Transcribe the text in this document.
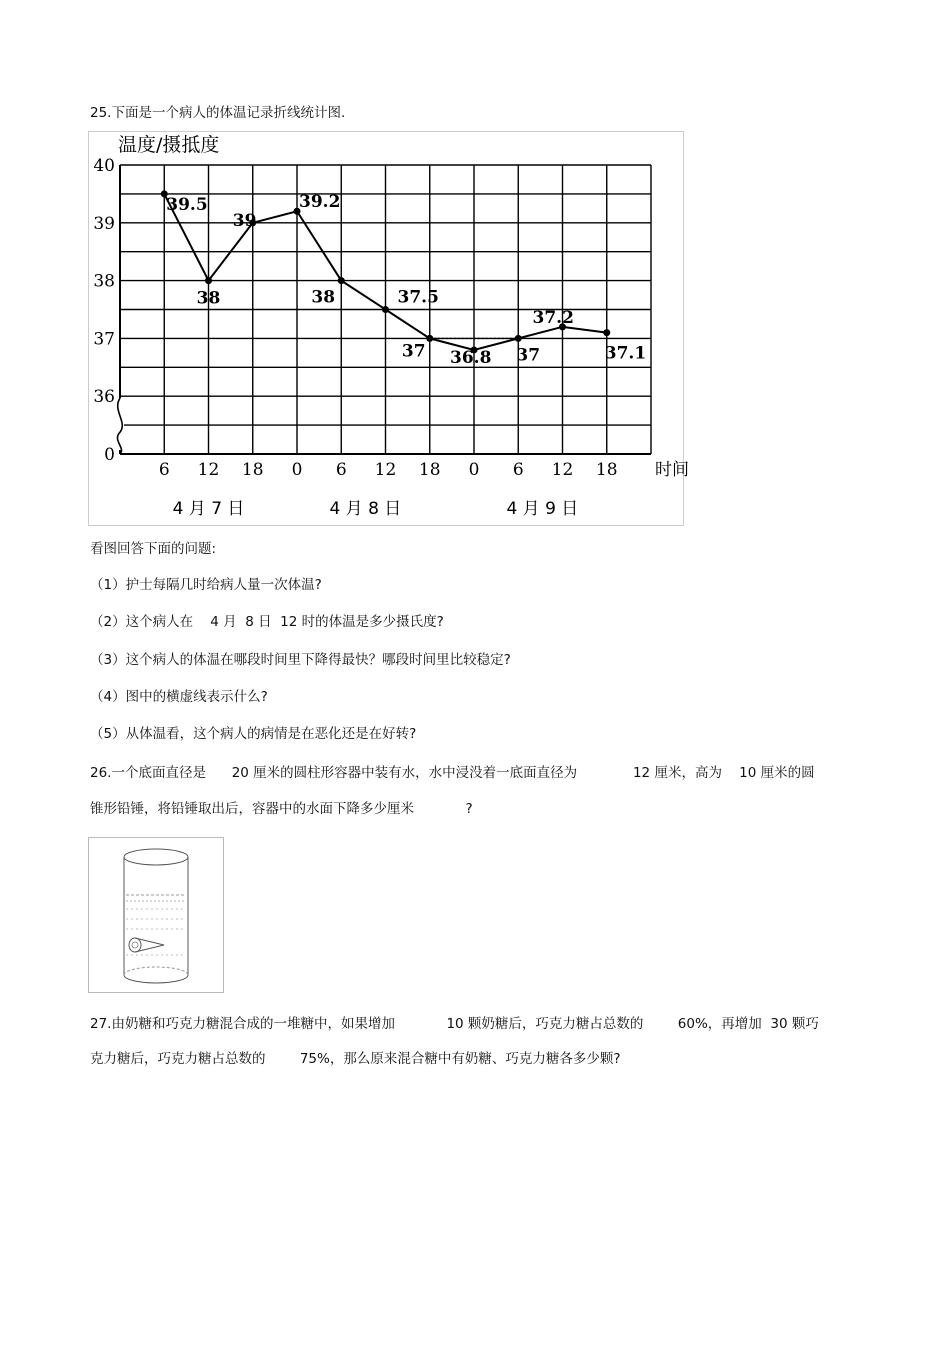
25.下面是一个病人的体温记录折线统计图.
温度/摄抵度
40
39
38
37
36
0
6 12 18 0 6 12 18 0 6 12 18 时间
4 月 7 日	4 月 8 日	4 月 9 日
39.5
38
39
39.2
38	37.5
37 36.8 37
37.2
37.1
看图回答下面的问题:
（1）护士每隔几时给病人量一次体温?
（2）这个病人在    4 月  8 日  12 时的体温是多少摄氏度?
（3）这个病人的体温在哪段时间里下降得最快？哪段时间里比较稳定?
（4）图中的横虚线表示什么?
（5）从体温看，这个病人的病情是在恶化还是在好转?
26.一个底面直径是      20 厘米的圆柱形容器中装有水，水中浸没着一底面直径为             12 厘米，高为    10 厘米的圆
锥形铅锤，将铅锤取出后，容器中的水面下降多少厘米            ?
27.由奶糖和巧克力糖混合成的一堆糖中，如果增加            10 颗奶糖后，巧克力糖占总数的        60%，再增加  30 颗巧
克力糖后，巧克力糖占总数的        75%，那么原来混合糖中有奶糖、巧克力糖各多少颗?
